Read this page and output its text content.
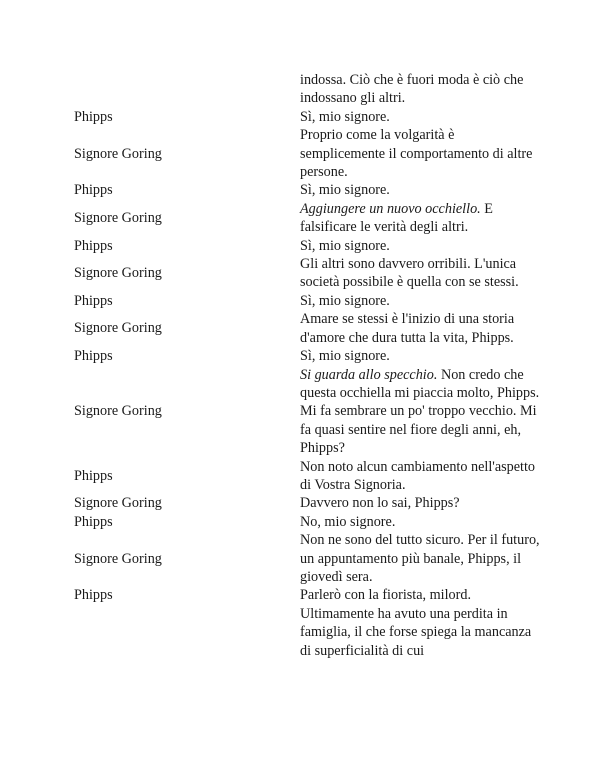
	indossa. Ciò che è fuori moda è ciò che indossano gli altri.
Phipps	Sì, mio signore.
Signore Goring	Proprio come la volgarità è semplicemente il comportamento di altre persone.
Phipps	Sì, mio signore.
Signore Goring	Aggiungere un nuovo occhiello. E falsificare le verità degli altri.
Phipps	Sì, mio signore.
Signore Goring	Gli altri sono davvero orribili. L'unica società possibile è quella con se stessi.
Phipps	Sì, mio signore.
Signore Goring	Amare se stessi è l'inizio di una storia d'amore che dura tutta la vita, Phipps.
Phipps	Sì, mio signore.
Signore Goring	Si guarda allo specchio. Non credo che questa occhiella mi piaccia molto, Phipps. Mi fa sembrare un po' troppo vecchio. Mi fa quasi sentire nel fiore degli anni, eh, Phipps?
Phipps	Non noto alcun cambiamento nell'aspetto di Vostra Signoria.
Signore Goring	Davvero non lo sai, Phipps?
Phipps	No, mio signore.
Signore Goring	Non ne sono del tutto sicuro. Per il futuro, un appuntamento più banale, Phipps, il giovedì sera.
Phipps	Parlerò con la fiorista, milord. Ultimamente ha avuto una perdita in famiglia, il che forse spiega la mancanza di superficialità di cui
